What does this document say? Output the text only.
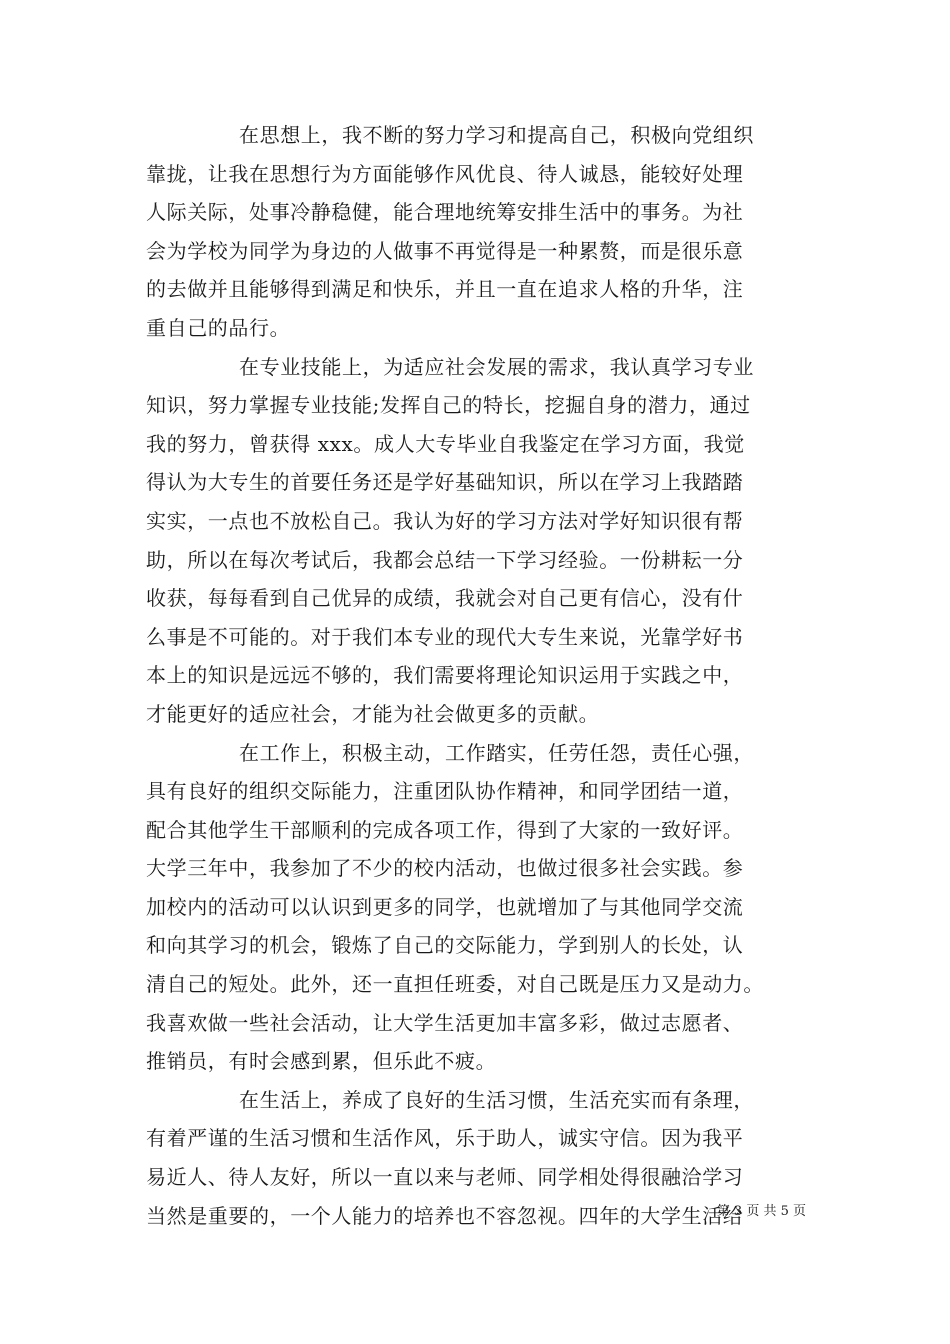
在思想上，我不断的努力学习和提高自己，积极向党组织
靠拢，让我在思想行为方面能够作风优良、待人诚恳，能较好处理
人际关际，处事冷静稳健，能合理地统筹安排生活中的事务。为社
会为学校为同学为身边的人做事不再觉得是一种累赘，而是很乐意
的去做并且能够得到满足和快乐，并且一直在追求人格的升华，注
重自己的品行。
在专业技能上，为适应社会发展的需求，我认真学习专业
知识，努力掌握专业技能;发挥自己的特长，挖掘自身的潜力，通过
我的努力，曾获得 xxx。成人大专毕业自我鉴定在学习方面，我觉
得认为大专生的首要任务还是学好基础知识，所以在学习上我踏踏
实实，一点也不放松自己。我认为好的学习方法对学好知识很有帮
助，所以在每次考试后，我都会总结一下学习经验。一份耕耘一分
收获，每每看到自己优异的成绩，我就会对自己更有信心，没有什
么事是不可能的。对于我们本专业的现代大专生来说，光靠学好书
本上的知识是远远不够的，我们需要将理论知识运用于实践之中，
才能更好的适应社会，才能为社会做更多的贡献。
在工作上，积极主动，工作踏实，任劳任怨，责任心强，
具有良好的组织交际能力，注重团队协作精神，和同学团结一道，
配合其他学生干部顺利的完成各项工作，得到了大家的一致好评。
大学三年中，我参加了不少的校内活动，也做过很多社会实践。参
加校内的活动可以认识到更多的同学，也就增加了与其他同学交流
和向其学习的机会，锻炼了自己的交际能力，学到别人的长处，认
清自己的短处。此外，还一直担任班委，对自己既是压力又是动力。
我喜欢做一些社会活动，让大学生活更加丰富多彩，做过志愿者、
推销员，有时会感到累，但乐此不疲。
在生活上，养成了良好的生活习惯，生活充实而有条理，
有着严谨的生活习惯和生活作风，乐于助人，诚实守信。因为我平
易近人、待人友好，所以一直以来与老师、同学相处得很融洽学习
当然是重要的，一个人能力的培养也不容忽视。四年的大学生活给
第 3 页 共 5 页
